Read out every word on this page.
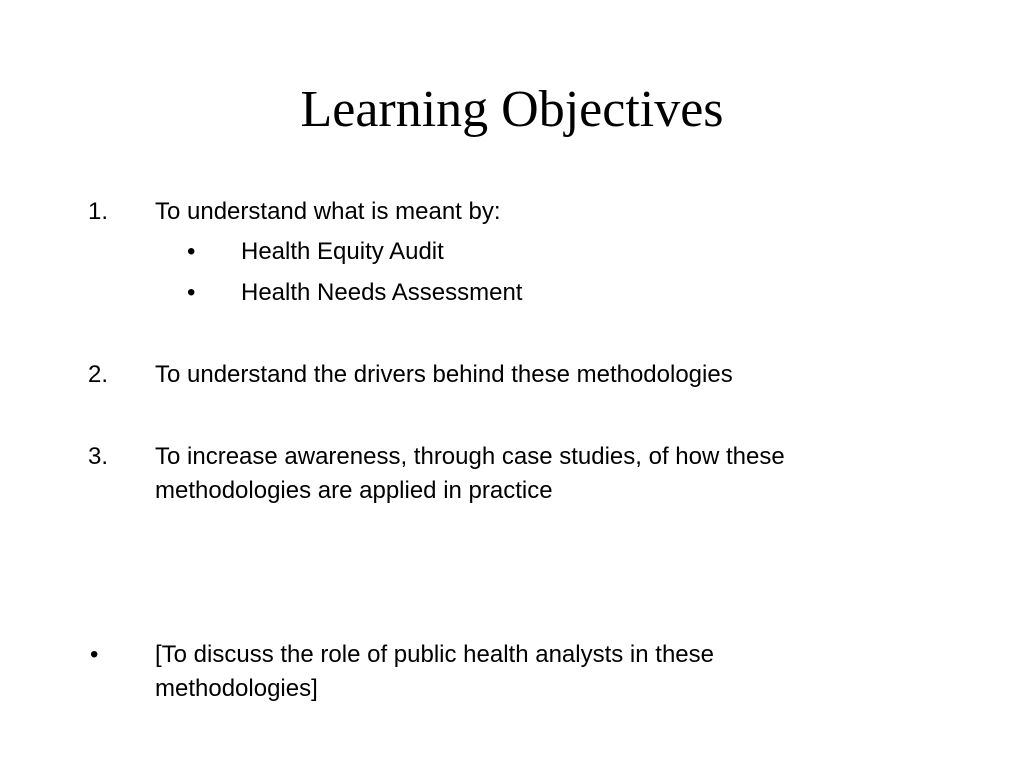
Learning Objectives
1. To understand what is meant by:
• Health Equity Audit
• Health Needs Assessment
2. To understand the drivers behind these methodologies
3. To increase awareness, through case studies, of how these
methodologies are applied in practice
• [To discuss the role of public health analysts in these
methodologies]
